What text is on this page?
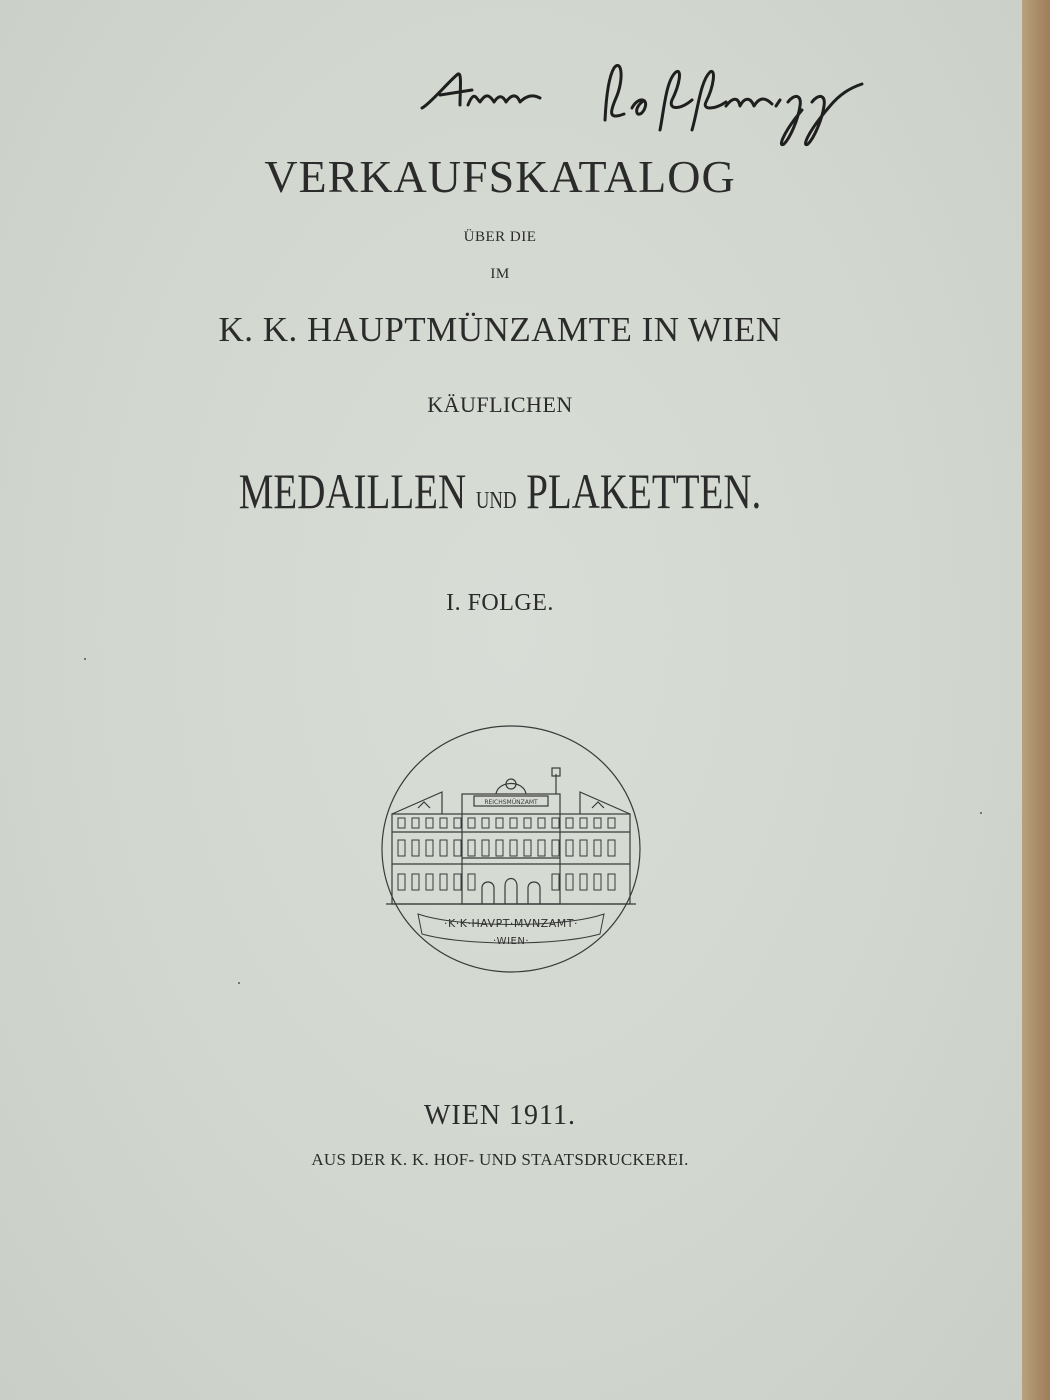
VERKAUFSKATALOG
ÜBER DIE
IM
K. K. HAUPTMÜNZAMTE IN WIEN
KÄUFLICHEN
MEDAILLEN UND PLAKETTEN.
I. FOLGE.
REICHSMÜNZAMT
·K·K·HAVPT·MVNZAMT·
·WIEN·
WIEN 1911.
AUS DER K. K. HOF- UND STAATSDRUCKEREI.
